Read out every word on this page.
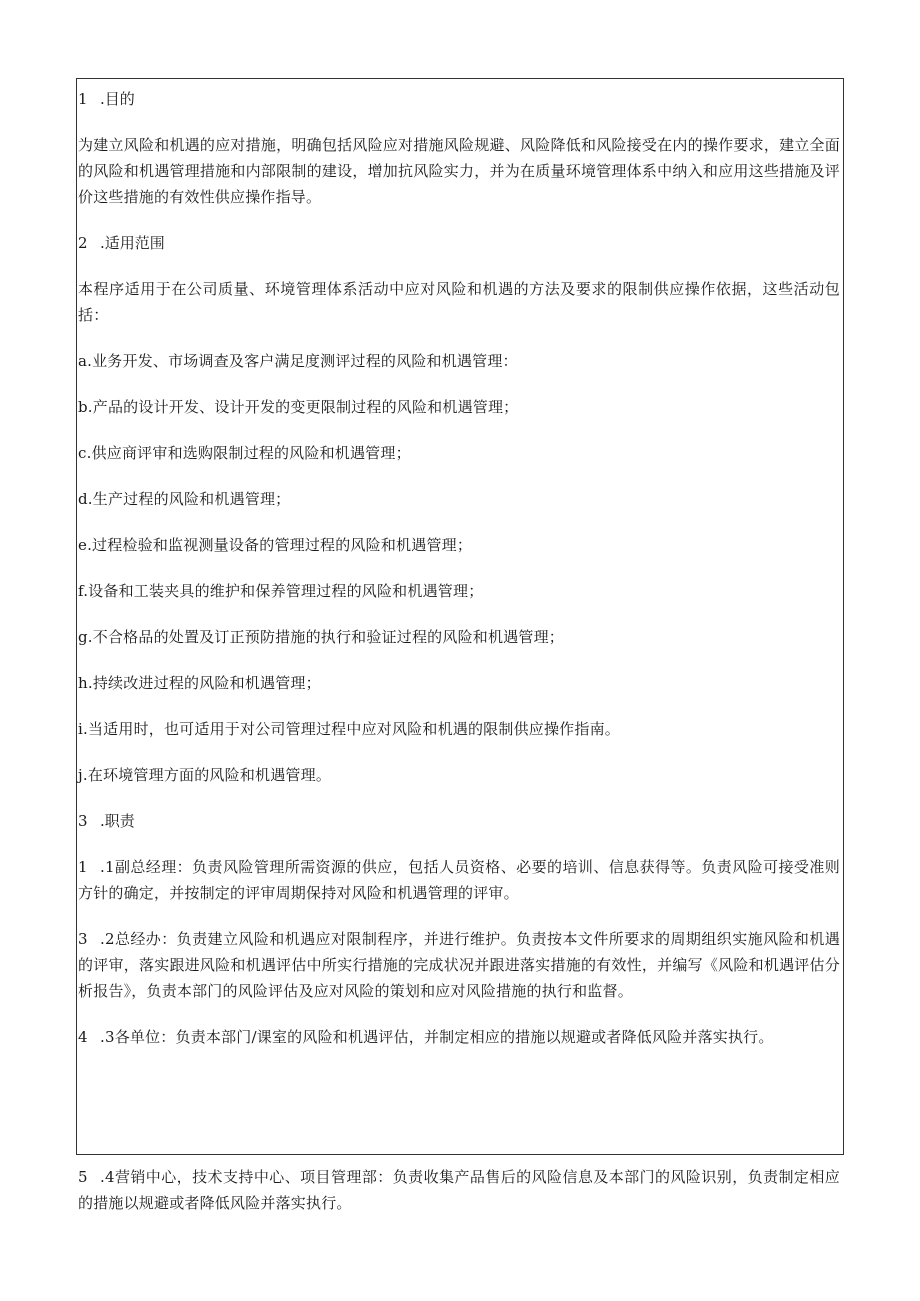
1 .目的

为建立风险和机遇的应对措施，明确包括风险应对措施风险规避、风险降低和风险接受在内的操作要求，建立全面的风险和机遇管理措施和内部限制的建设，增加抗风险实力，并为在质量环境管理体系中纳入和应用这些措施及评价这些措施的有效性供应操作指导。

2 .适用范围

本程序适用于在公司质量、环境管理体系活动中应对风险和机遇的方法及要求的限制供应操作依据，这些活动包括：

a.业务开发、市场调查及客户满足度测评过程的风险和机遇管理：

b.产品的设计开发、设计开发的变更限制过程的风险和机遇管理；

c.供应商评审和选购限制过程的风险和机遇管理；

d.生产过程的风险和机遇管理；

e.过程检验和监视测量设备的管理过程的风险和机遇管理；

f.设备和工装夹具的维护和保养管理过程的风险和机遇管理；

g.不合格品的处置及订正预防措施的执行和验证过程的风险和机遇管理；

h.持续改进过程的风险和机遇管理；

i.当适用时，也可适用于对公司管理过程中应对风险和机遇的限制供应操作指南。

j.在环境管理方面的风险和机遇管理。

3 .职责

1 .1副总经理：负责风险管理所需资源的供应，包括人员资格、必要的培训、信息获得等。负责风险可接受准则方针的确定，并按制定的评审周期保持对风险和机遇管理的评审。

3 .2总经办：负责建立风险和机遇应对限制程序，并进行维护。负责按本文件所要求的周期组织实施风险和机遇的评审，落实跟进风险和机遇评估中所实行措施的完成状况并跟进落实措施的有效性，并编写《风险和机遇评估分析报告》，负责本部门的风险评估及应对风险的策划和应对风险措施的执行和监督。

4 .3各单位：负责本部门/课室的风险和机遇评估，并制定相应的措施以规避或者降低风险并落实执行。

5 .4营销中心，技术支持中心、项目管理部：负责收集产品售后的风险信息及本部门的风险识别，负责制定相应的措施以规避或者降低风险并落实执行。
